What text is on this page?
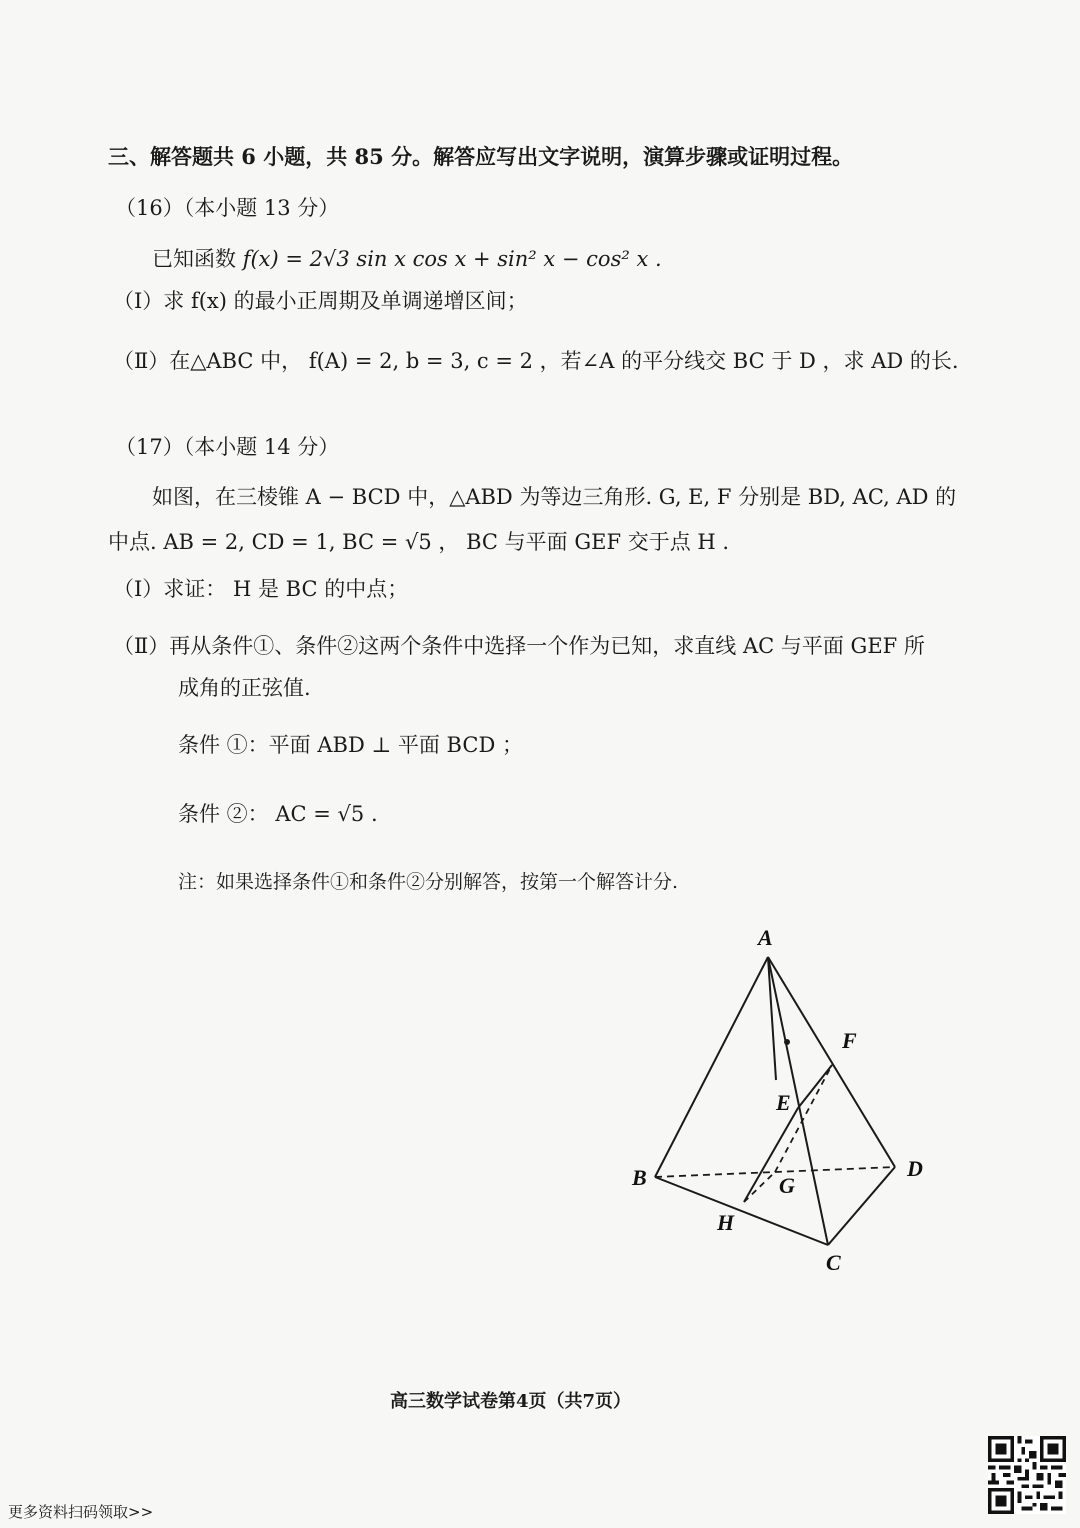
三、解答题共 6 小题，共 85 分。解答应写出文字说明，演算步骤或证明过程。
（16）（本小题 13 分）
已知函数 f(x) = 2√3 sin x cos x + sin² x − cos² x .
（Ⅰ）求 f(x) 的最小正周期及单调递增区间；
（Ⅱ）在△ABC 中， f(A) = 2, b = 3, c = 2 ，若∠A 的平分线交 BC 于 D ，求 AD 的长.
（17）（本小题 14 分）
如图，在三棱锥 A − BCD 中，△ABD 为等边三角形. G, E, F 分别是 BD, AC, AD 的
中点. AB = 2, CD = 1, BC = √5 ， BC 与平面 GEF 交于点 H .
（Ⅰ）求证： H 是 BC 的中点；
（Ⅱ）再从条件①、条件②这两个条件中选择一个作为已知，求直线 AC 与平面 GEF 所
成角的正弦值.
条件 ①：平面 ABD ⊥ 平面 BCD ；
条件 ②： AC = √5 .
注：如果选择条件①和条件②分别解答，按第一个解答计分.
A
B
C
D
E
F
G
H
高三数学试卷第4页（共7页）
更多资料扫码领取>>
